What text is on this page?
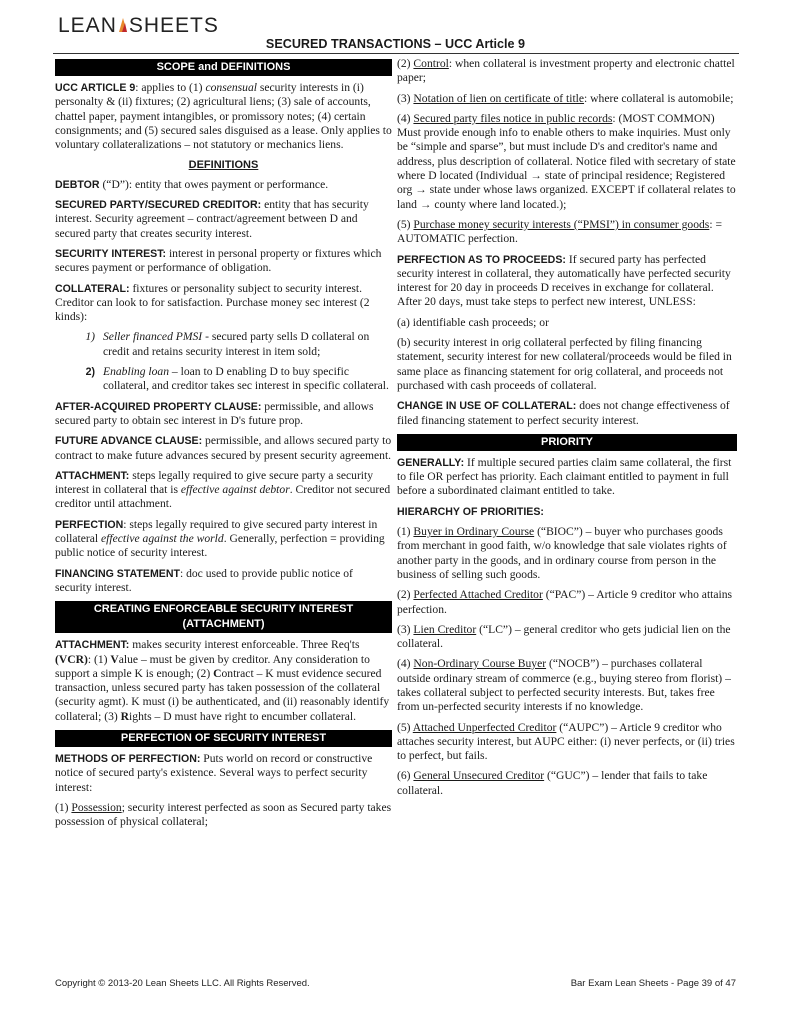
LEAN SHEETS
SECURED TRANSACTIONS – UCC Article 9
SCOPE and DEFINITIONS

UCC ARTICLE 9: applies to (1) consensual security interests in (i) personalty & (ii) fixtures; (2) agricultural liens; (3) sale of accounts, chattel paper, payment intangibles, or promissory notes; (4) certain consignments; and (5) secured sales disguised as a lease. Only applies to voluntary collateralizations – not statutory or mechanics liens.

DEFINITIONS

DEBTOR (“D”): entity that owes payment or performance.

SECURED PARTY/SECURED CREDITOR: entity that has security interest. Security agreement – contract/agreement between D and secured party that creates security interest.

SECURITY INTEREST: interest in personal property or fixtures which secures payment or performance of obligation.

COLLATERAL: fixtures or personality subject to security interest. Creditor can look to for satisfaction. Purchase money sec interest (2 kinds):

1) Seller financed PMSI - secured party sells D collateral on credit and retains security interest in item sold;
2) Enabling loan – loan to D enabling D to buy specific collateral, and creditor takes sec interest in specific collateral.

AFTER-ACQUIRED PROPERTY CLAUSE: permissible, and allows secured party to obtain sec interest in D's future prop.

FUTURE ADVANCE CLAUSE: permissible, and allows secured party to contract to make future advances secured by present security agreement.

ATTACHMENT: steps legally required to give secure party a security interest in collateral that is effective against debtor. Creditor not secured creditor until attachment.

PERFECTION: steps legally required to give secured party interest in collateral effective against the world. Generally, perfection = providing public notice of security interest.

FINANCING STATEMENT: doc used to provide public notice of security interest.

CREATING ENFORCEABLE SECURITY INTEREST
(ATTACHMENT)

ATTACHMENT: makes security interest enforceable. Three Req'ts (VCR): (1) Value – must be given by creditor. Any consideration to support a simple K is enough; (2) Contract – K must evidence secured transaction, unless secured party has taken possession of the collateral (security agmt). K must (i) be authenticated, and (ii) reasonably identify collateral; (3) Rights – D must have right to encumber collateral.

PERFECTION OF SECURITY INTEREST

METHODS OF PERFECTION: Puts world on record or constructive notice of secured party's existence. Several ways to perfect security interest:

(1) Possession; security interest perfected as soon as Secured party takes possession of physical collateral;

(2) Control: when collateral is investment property and electronic chattel paper;

(3) Notation of lien on certificate of title: where collateral is automobile;

(4) Secured party files notice in public records: (MOST COMMON) Must provide enough info to enable others to make inquiries. Must only be “simple and sparse”, but must include D's and creditor's name and address, plus description of collateral. Notice filed with secretary of state where D located (Individual → state of principal residence; Registered org → state under whose laws organized. EXCEPT if collateral relates to land → county where land located.);

(5) Purchase money security interests (“PMSI”) in consumer goods: = AUTOMATIC perfection.

PERFECTION AS TO PROCEEDS: If secured party has perfected security interest in collateral, they automatically have perfected security interest for 20 day in proceeds D receives in exchange for collateral. After 20 days, must take steps to perfect new interest, UNLESS:

(a) identifiable cash proceeds; or

(b) security interest in orig collateral perfected by filing financing statement, security interest for new collateral/proceeds would be filed in same place as financing statement for orig collateral, and proceeds not purchased with cash proceeds of collateral.

CHANGE IN USE OF COLLATERAL: does not change effectiveness of filed financing statement to perfect security interest.

PRIORITY

GENERALLY: If multiple secured parties claim same collateral, the first to file OR perfect has priority. Each claimant entitled to payment in full before a subordinated claimant entitled to take.

HIERARCHY OF PRIORITIES:

(1) Buyer in Ordinary Course (“BIOC”) – buyer who purchases goods from merchant in good faith, w/o knowledge that sale violates rights of another party in the goods, and in ordinary course from person in the business of selling such goods.

(2) Perfected Attached Creditor (“PAC”) – Article 9 creditor who attains perfection.

(3) Lien Creditor (“LC”) – general creditor who gets judicial lien on the collateral.

(4) Non-Ordinary Course Buyer (“NOCB”) – purchases collateral outside ordinary stream of commerce (e.g., buying stereo from florist) – takes collateral subject to perfected security interests. But, takes free from un-perfected security interests if no knowledge.

(5) Attached Unperfected Creditor (“AUPC”) – Article 9 creditor who attaches security interest, but AUPC either: (i) never perfects, or (ii) tries to perfect, but fails.

(6) General Unsecured Creditor (“GUC”) – lender that fails to take collateral.

Copyright © 2013-20 Lean Sheets LLC. All Rights Reserved.	Bar Exam Lean Sheets - Page 39 of 47
